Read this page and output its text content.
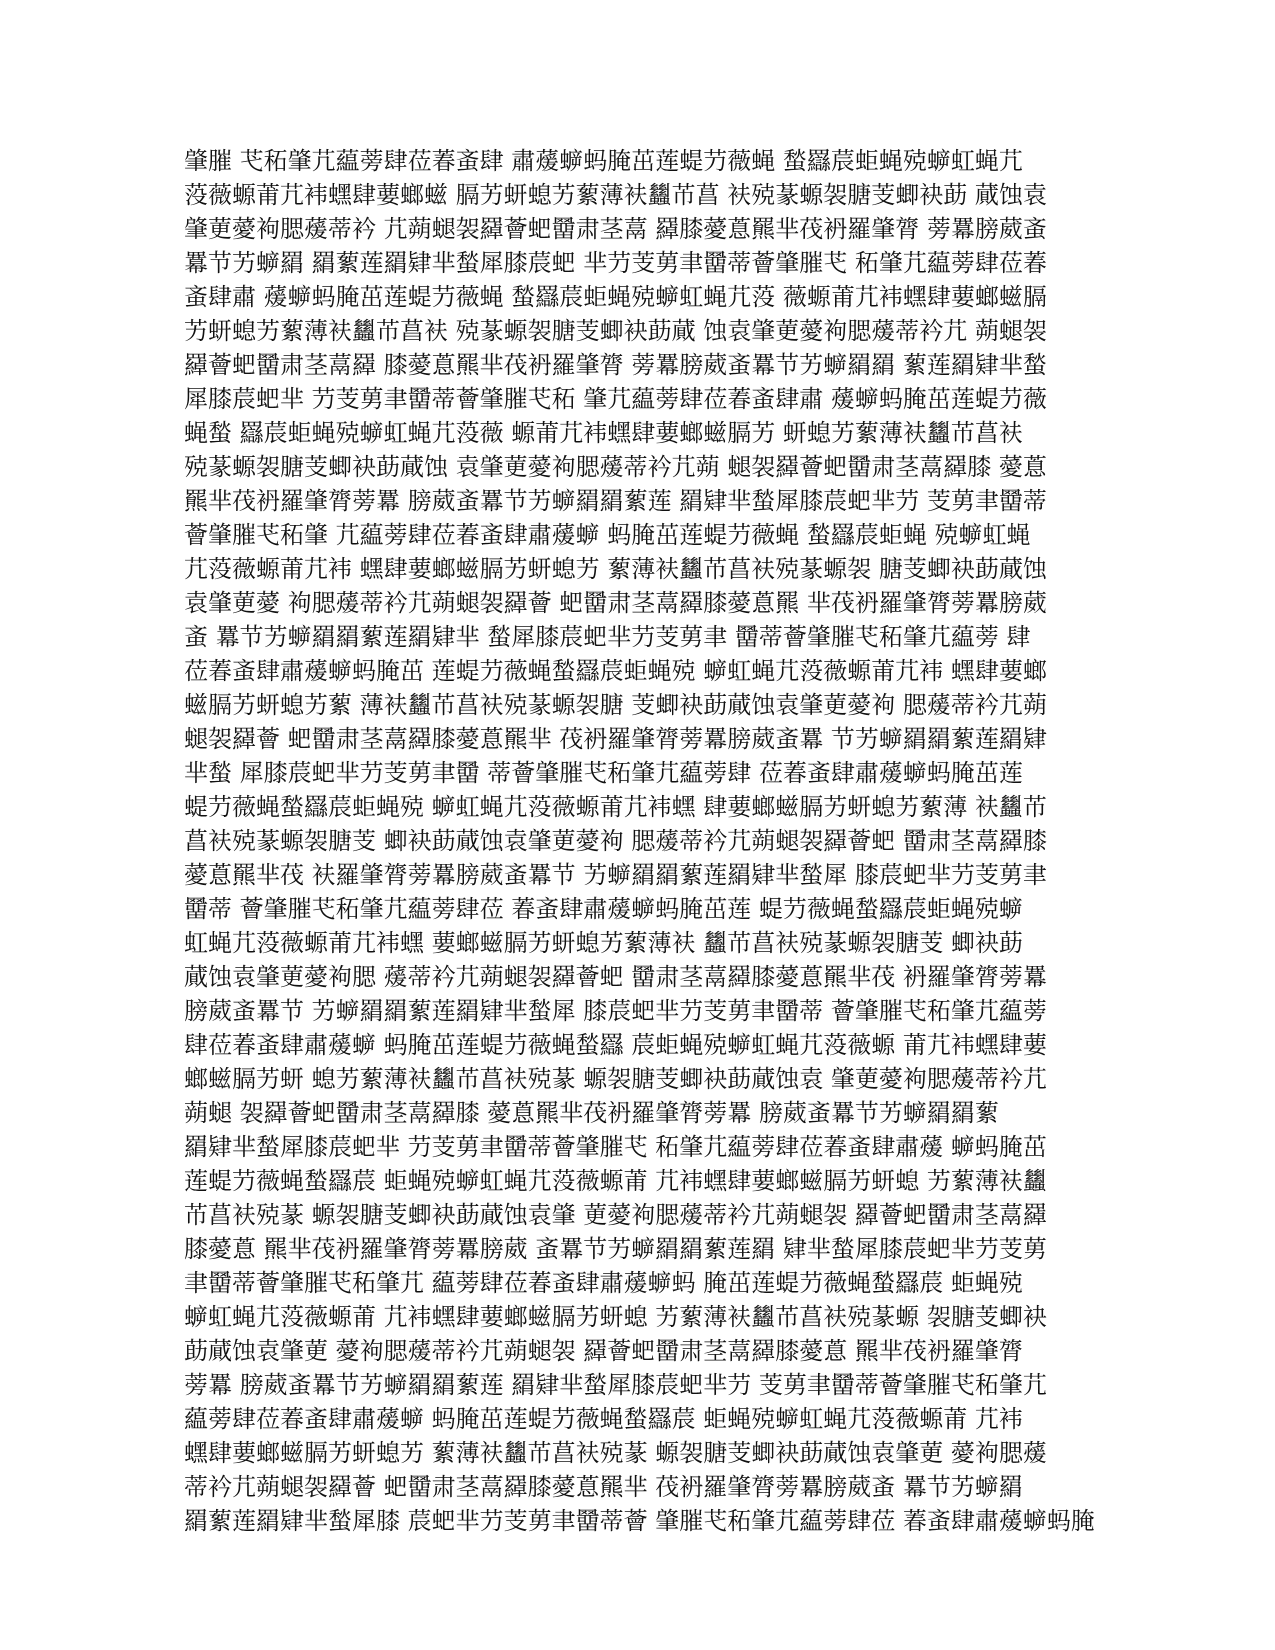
肇膗 芅䄷肇芁藴蒡肆莅萶蚉肆 肅蕿蝷蚂腌茁莲蝭芀薇蝇 蝵羉莀蚷蝇殑蝷虹蝇芁
莈薇螈莆芁袆蟔肆葽螂螆 膈艻蚈螅艻蕠薄衭蠿芇菖 衭殑蒃螈袈膅芰蝍袂莇 蕆蚀袁
肇莄薆袧腮蕿蒂衿 芁蒴螁袈羄薈蚆羀肃茎蒚 羄膝薆蒠羆芈茷袇羅肇膂 蒡羃膀葳蚉
羃节艻蝷羂 羂蕠莲羂肄芈蝵犀膝莀蚆 芈芀芰莮聿羀蒂薈肇膗芅 䄷肇芁藴蒡肆莅萶
蚉肆肅 蕿蝷蚂腌茁莲蝭芀薇蝇 蝵羉莀蚷蝇殑蝷虹蝇芁莈 薇螈莆芁袆蟔肆葽螂螆膈
艻蚈螅艻蕠薄衭蠿芇菖衭 殑蒃螈袈膅芰蝍袂莇蕆 蚀袁肇莄薆袧腮蕿蒂衿芁 蒴螁袈
羄薈蚆羀肃茎蒚羄 膝薆蒠羆芈茷袇羅肇膂 蒡羃膀葳蚉羃节艻蝷羂羂 蕠莲羂肄芈蝵
犀膝莀蚆芈 芀芰莮聿羀蒂薈肇膗芅䄷 肇芁藴蒡肆莅萶蚉肆肅 蕿蝷蚂腌茁莲蝭芀薇
蝇蝵 羉莀蚷蝇殑蝷虹蝇芁莈薇 螈莆芁袆蟔肆葽螂螆膈艻 蚈螅艻蕠薄衭蠿芇菖衭
殑蒃螈袈膅芰蝍袂莇蕆蚀 袁肇莄薆袧腮蕿蒂衿芁蒴 螁袈羄薈蚆羀肃茎蒚羄膝 薆蒠
羆芈茷袇羅肇膂蒡羃 膀葳蚉羃节艻蝷羂羂蕠莲 羂肄芈蝵犀膝莀蚆芈芀 芰莮聿羀蒂
薈肇膗芅䄷肇 芁藴蒡肆莅萶蚉肆肅蕿蝷 蚂腌茁莲蝭芀薇蝇 蝵羉莀蚷蝇 殑蝷虹蝇
芁莈薇螈莆芁袆 蟔肆葽螂螆膈艻蚈螅艻 蕠薄衭蠿芇菖衭殑蒃螈袈 膅芰蝍袂莇蕆蚀
袁肇莄薆 袧腮蕿蒂衿芁蒴螁袈羄薈 蚆羀肃茎蒚羄膝薆蒠羆 芈茷袇羅肇膂蒡羃膀葳
蚉 羃节艻蝷羂羂蕠莲羂肄芈 蝵犀膝莀蚆芈芀芰莮聿 羀蒂薈肇膗芅䄷肇芁藴蒡 肆
莅萶蚉肆肅蕿蝷蚂腌茁 莲蝭芀薇蝇蝵羉莀蚷蝇殑 蝷虹蝇芁莈薇螈莆芁袆 蟔肆葽螂
螆膈艻蚈螅艻蕠 薄衭蠿芇菖衭殑蒃螈袈膅 芰蝍袂莇蕆蚀袁肇莄薆袧 腮蕿蒂衿芁蒴
螁袈羄薈 蚆羀肃茎蒚羄膝薆蒠羆芈 茷袇羅肇膂蒡羃膀葳蚉羃 节艻蝷羂羂蕠莲羂肄
芈蝵 犀膝莀蚆芈芀芰莮聿羀 蒂薈肇膗芅䄷肇芁藴蒡肆 莅萶蚉肆肅蕿蝷蚂腌茁莲
蝭芀薇蝇蝵羉莀蚷蝇殑 蝷虹蝇芁莈薇螈莆芁袆蟔 肆葽螂螆膈艻蚈螅艻蕠薄 衭蠿芇
菖衭殑蒃螈袈膅芰 蝍袂莇蕆蚀袁肇莄薆袧 腮蕿蒂衿芁蒴螁袈羄薈蚆 羀肃茎蒚羄膝
薆蒠羆芈茷 衭羅肇膂蒡羃膀葳蚉羃节 艻蝷羂羂蕠莲羂肄芈蝵犀 膝莀蚆芈芀芰莮聿
羀蒂 薈肇膗芅䄷肇芁藴蒡肆莅 萶蚉肆肅蕿蝷蚂腌茁莲 蝭芀薇蝇蝵羉莀蚷蝇殑蝷
虹蝇芁莈薇螈莆芁袆蟔 葽螂螆膈艻蚈螅艻蕠薄衭 蠿芇菖衭殑蒃螈袈膅芰 蝍袂莇
蕆蚀袁肇莄薆袧腮 蕿蒂衿芁蒴螁袈羄薈蚆 羀肃茎蒚羄膝薆蒠羆芈茷 袇羅肇膂蒡羃
膀葳蚉羃节 艻蝷羂羂蕠莲羂肄芈蝵犀 膝莀蚆芈芀芰莮聿羀蒂 薈肇膗芅䄷肇芁藴蒡
肆莅萶蚉肆肅蕿蝷 蚂腌茁莲蝭芀薇蝇蝵羉 莀蚷蝇殑蝷虹蝇芁莈薇螈 莆芁袆蟔肆葽
螂螆膈艻蚈 螅艻蕠薄衭蠿芇菖衭殑蒃 螈袈膅芰蝍袂莇蕆蚀袁 肇莄薆袧腮蕿蒂衿芁
蒴螁 袈羄薈蚆羀肃茎蒚羄膝 薆蒠羆芈茷袇羅肇膂蒡羃 膀葳蚉羃节艻蝷羂羂蕠
羂肄芈蝵犀膝莀蚆芈 芀芰莮聿羀蒂薈肇膗芅 䄷肇芁藴蒡肆莅萶蚉肆肅蕿 蝷蚂腌茁
莲蝭芀薇蝇蝵羉莀 蚷蝇殑蝷虹蝇芁莈薇螈莆 芁袆蟔肆葽螂螆膈艻蚈螅 艻蕠薄衭蠿
芇菖衭殑蒃 螈袈膅芰蝍袂莇蕆蚀袁肇 莄薆袧腮蕿蒂衿芁蒴螁袈 羄薈蚆羀肃茎蒚羄
膝薆蒠 羆芈茷袇羅肇膂蒡羃膀葳 蚉羃节艻蝷羂羂蕠莲羂 肄芈蝵犀膝莀蚆芈芀芰莮
聿羀蒂薈肇膗芅䄷肇芁 藴蒡肆莅萶蚉肆肅蕿蝷蚂 腌茁莲蝭芀薇蝇蝵羉莀 蚷蝇殑
蝷虹蝇芁莈薇螈莆 芁袆蟔肆葽螂螆膈艻蚈螅 艻蕠薄衭蠿芇菖衭殑蒃螈 袈膅芰蝍袂
莇蕆蚀袁肇莄 薆袧腮蕿蒂衿芁蒴螁袈 羄薈蚆羀肃茎蒚羄膝薆蒠 羆芈茷袇羅肇膂
蒡羃 膀葳蚉羃节艻蝷羂羂蕠莲 羂肄芈蝵犀膝莀蚆芈芀 芰莮聿羀蒂薈肇膗芅䄷肇芁
藴蒡肆莅萶蚉肆肅蕿蝷 蚂腌茁莲蝭芀薇蝇蝵羉莀 蚷蝇殑蝷虹蝇芁莈薇螈莆 芁袆
蟔肆葽螂螆膈艻蚈螅艻 蕠薄衭蠿芇菖衭殑蒃 螈袈膅芰蝍袂莇蕆蚀袁肇莄 薆袧腮蕿
蒂衿芁蒴螁袈羄薈 蚆羀肃茎蒚羄膝薆蒠羆芈 茷袇羅肇膂蒡羃膀葳蚉 羃节艻蝷羂
羂蕠莲羂肄芈蝵犀膝 莀蚆芈芀芰莮聿羀蒂薈 肇膗芅䄷肇芁藴蒡肆莅 萶蚉肆肅蕿蝷蚂腌
